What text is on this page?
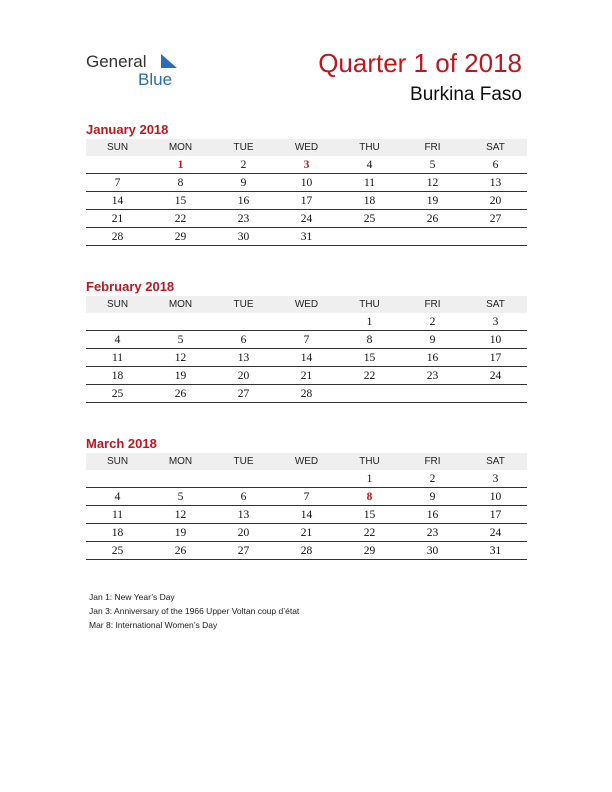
General
Blue
Quarter 1 of 2018
Burkina Faso
January 2018
SUN	MON	TUE	WED	THU	FRI	SAT
	1	2	3	4	5	6
7	8	9	10	11	12	13
14	15	16	17	18	19	20
21	22	23	24	25	26	27
28	29	30	31			
February 2018
SUN	MON	TUE	WED	THU	FRI	SAT
				1	2	3
4	5	6	7	8	9	10
11	12	13	14	15	16	17
18	19	20	21	22	23	24
25	26	27	28			
March 2018
SUN	MON	TUE	WED	THU	FRI	SAT
				1	2	3
4	5	6	7	8	9	10
11	12	13	14	15	16	17
18	19	20	21	22	23	24
25	26	27	28	29	30	31
Jan 1: New Year’s Day
Jan 3: Anniversary of the 1966 Upper Voltan coup d’état
Mar 8: International Women’s Day
